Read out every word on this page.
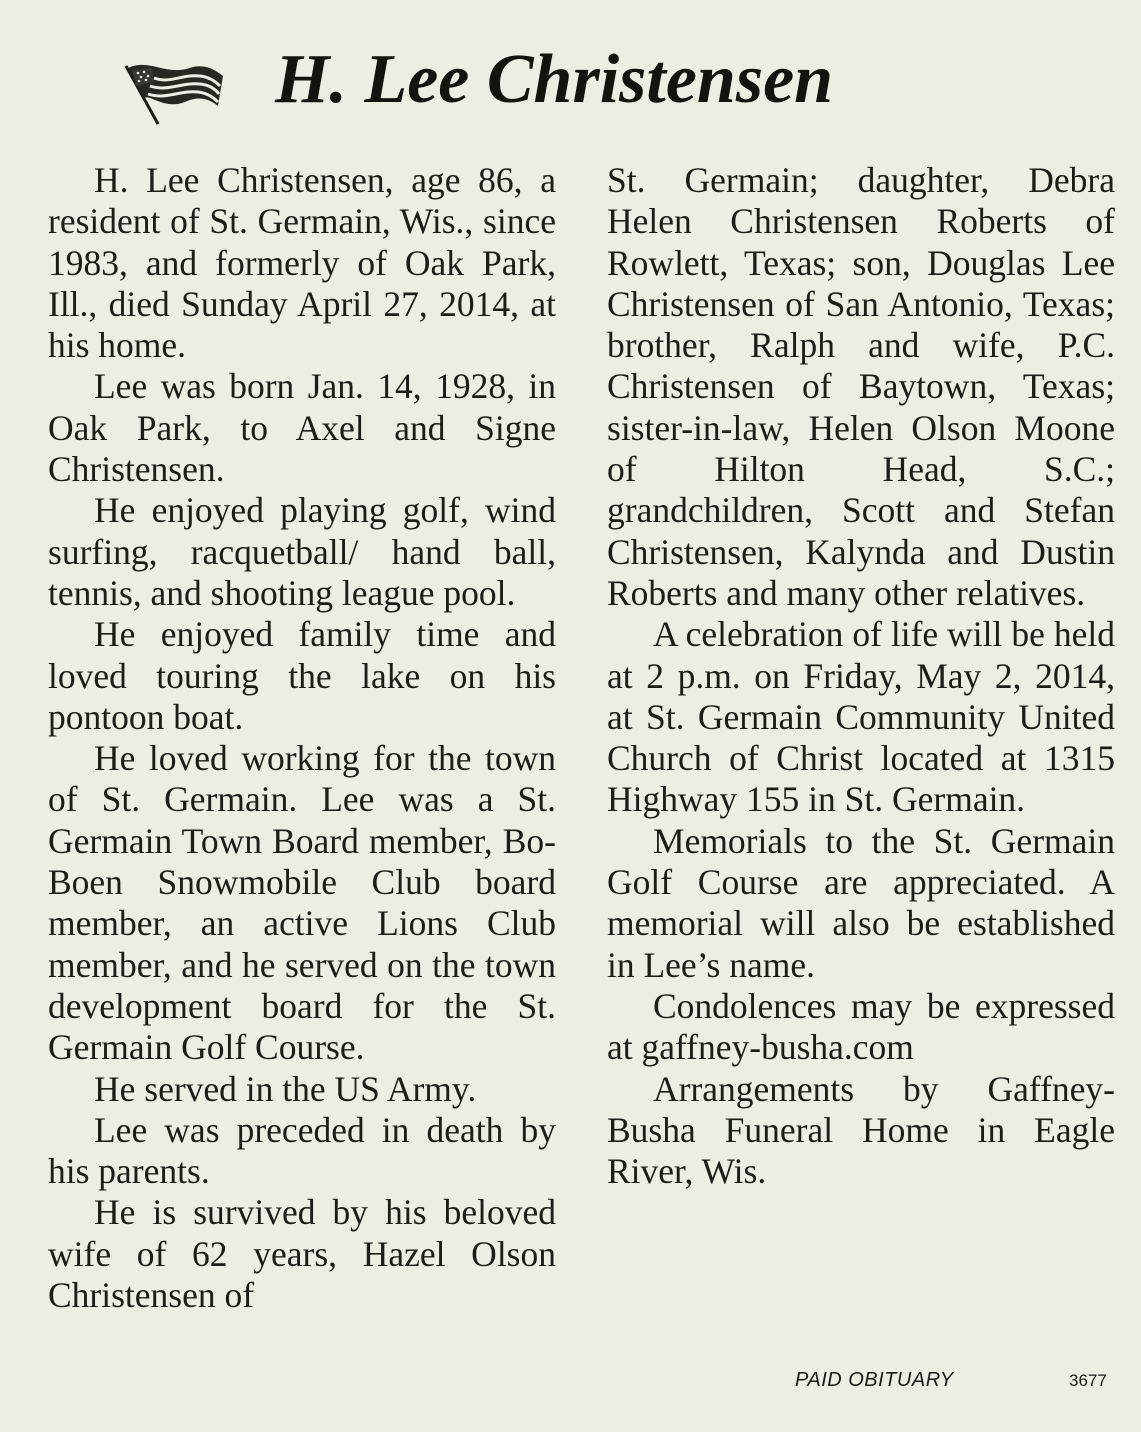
H. Lee Christensen

H. Lee Christensen, age 86, a resident of St. Germain, Wis., since 1983, and formerly of Oak Park, Ill., died Sunday April 27, 2014, at his home.

Lee was born Jan. 14, 1928, in Oak Park, to Axel and Signe Christensen.

He enjoyed playing golf, wind surfing, racquetball/ hand ball, tennis, and shooting league pool.

He enjoyed family time and loved touring the lake on his pontoon boat.

He loved working for the town of St. Germain. Lee was a St. Germain Town Board member, Bo-Boen Snowmobile Club board member, an active Lions Club member, and he served on the town development board for the St. Germain Golf Course.

He served in the US Army.

Lee was preceded in death by his parents.

He is survived by his beloved wife of 62 years, Hazel Olson Christensen of

St. Germain; daughter, Debra Helen Christensen Roberts of Rowlett, Texas; son, Douglas Lee Christensen of San Antonio, Texas; brother, Ralph and wife, P.C. Christensen of Baytown, Texas; sister-in-law, Helen Olson Moone of Hilton Head, S.C.; grandchildren, Scott and Stefan Christensen, Kalynda and Dustin Roberts and many other relatives.

A celebration of life will be held at 2 p.m. on Friday, May 2, 2014, at St. Germain Community United Church of Christ located at 1315 Highway 155 in St. Germain.

Memorials to the St. Germain Golf Course are appreciated. A memorial will also be established in Lee’s name.

Condolences may be expressed at gaffney-busha.com

Arrangements by Gaffney-Busha Funeral Home in Eagle River, Wis.

PAID OBITUARY	3677
